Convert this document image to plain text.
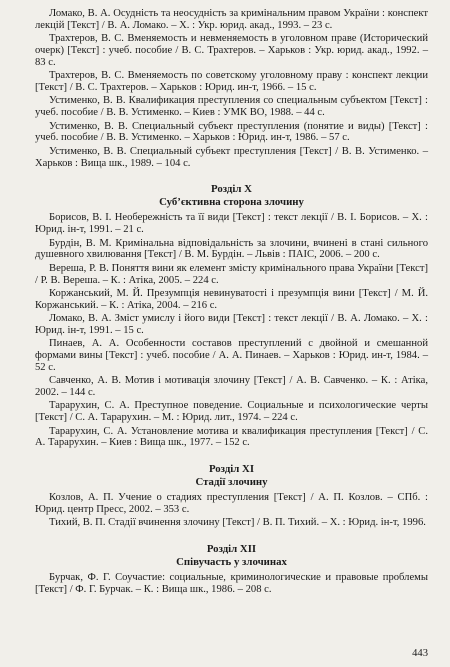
Ломако, В. А. Осудність та неосудність за кримінальним правом України : конспект лекцій [Текст] / В. А. Ломако. – Х. : Укр. юрид. акад., 1993. – 23 с.

Трахтеров, В. С. Вменяемость и невменяемость в уголовном праве (Исторический очерк) [Текст] : учеб. пособие / В. С. Трахтеров. – Харьков : Укр. юрид. акад., 1992. – 83 с.

Трахтеров, В. С. Вменяемость по советскому уголовному праву : конспект лекции [Текст] / В. С. Трахтеров. – Харьков : Юрид. ин-т, 1966. – 15 с.

Устименко, В. В. Квалификация преступления со специальным субъектом [Текст] : учеб. пособие / В. В. Устименко. – Киев : УМК ВО, 1988. – 44 с.

Устименко, В. В. Специальный субъект преступления (понятие и виды) [Текст] : учеб. пособие / В. В. Устименко. – Харьков : Юрид. ин-т, 1986. – 57 с.

Устименко, В. В. Специальный субъект преступления [Текст] / В. В. Устименко. – Харьков : Вища шк., 1989. – 104 с.

Розділ X
Суб’єктивна сторона злочину

Борисов, В. І. Необережність та її види [Текст] : текст лекції / В. І. Борисов. – Х. : Юрид. ін-т, 1991. – 21 с.

Бурдін, В. М. Кримінальна відповідальність за злочини, вчинені в стані сильного душевного хвилювання [Текст] / В. М. Бурдін. – Львів : ПАІС, 2006. – 200 с.

Вереша, Р. В. Поняття вини як елемент змісту кримінального права України [Текст] / Р. В. Вереша. – К. : Атіка, 2005. – 224 с.

Коржанський, М. Й. Презумпція невинуватості і презумпція вини [Текст] / М. Й. Коржанський. – К. : Атіка, 2004. – 216 с.

Ломако, В. А. Зміст умислу і його види [Текст] : текст лекції / В. А. Ломако. – Х. : Юрид. ін-т, 1991. – 15 с.

Пинаев, А. А. Особенности составов преступлений с двойной и смешанной формами вины [Текст] : учеб. пособие / А. А. Пинаев. – Харьков : Юрид. ин-т, 1984. – 52 с.

Савченко, А. В. Мотив і мотивація злочину [Текст] / А. В. Савченко. – К. : Атіка, 2002. – 144 с.

Тарарухин, С. А. Преступное поведение. Социальные и психологические черты [Текст] / С. А. Тарарухин. – М. : Юрид. лит., 1974. – 224 с.

Тарарухин, С. А. Установление мотива и квалификация преступления [Текст] / С. А. Тарарухин. – Киев : Вища шк., 1977. – 152 с.

Розділ XI
Стадії злочину

Козлов, А. П. Учение о стадиях преступления [Текст] / А. П. Козлов. – СПб. : Юрид. центр Пресс, 2002. – 353 с.

Тихий, В. П. Стадії вчинення злочину [Текст] / В. П. Тихий. – Х. : Юрид. ін-т, 1996.

Розділ XII
Співучасть у злочинах

Бурчак, Ф. Г. Соучастие: социальные, криминологические и правовые проблемы [Текст] / Ф. Г. Бурчак. – К. : Вища шк., 1986. – 208 с.

443
